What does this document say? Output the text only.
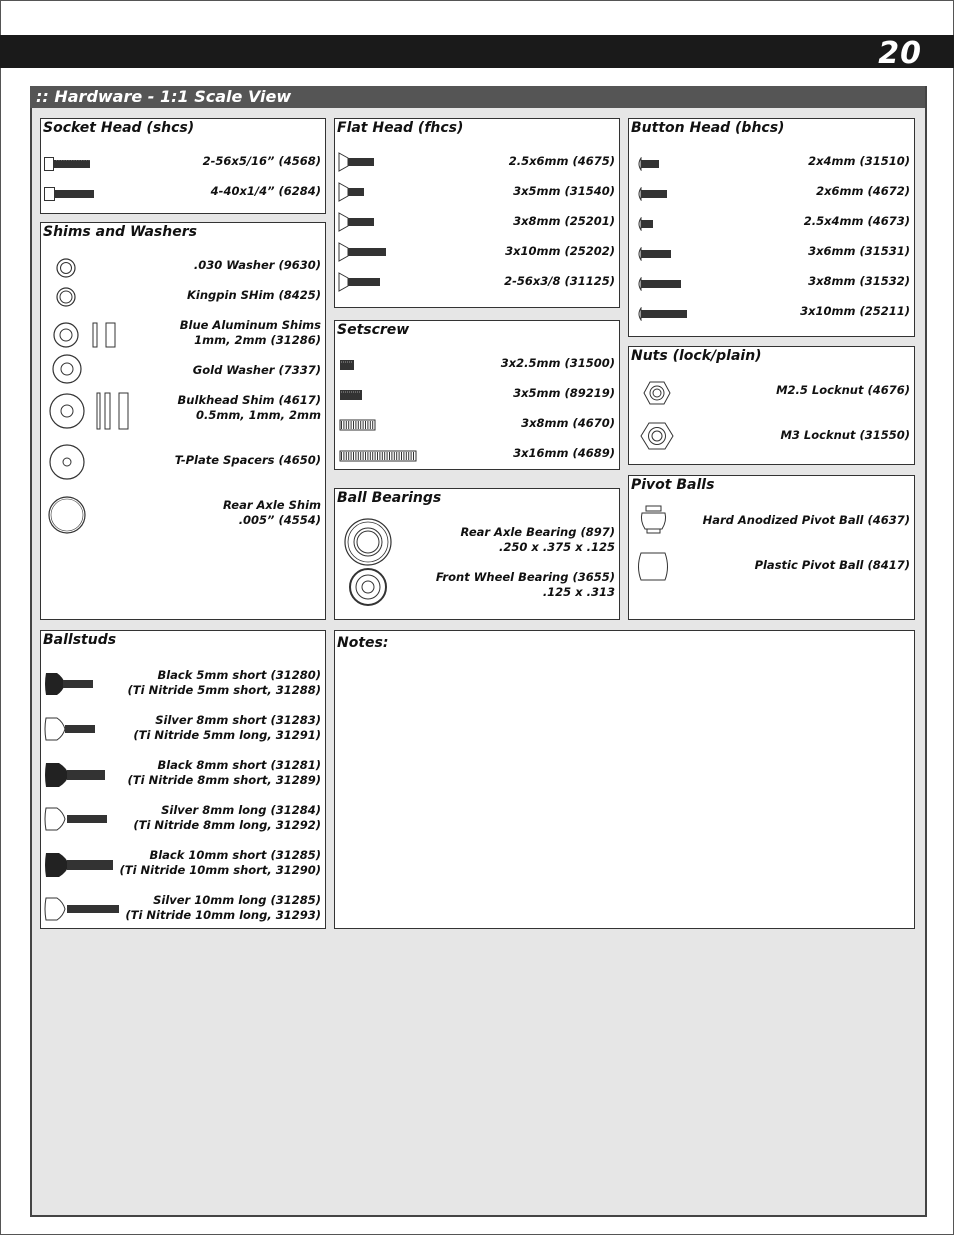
20
:: Hardware - 1:1 Scale View
Socket Head (shcs)
2-56x5/16” (4568)
4-40x1/4” (6284)
Flat Head (fhcs)
2.5x6mm (4675)
3x5mm (31540)
3x8mm (25201)
3x10mm (25202)
2-56x3/8 (31125)
Button Head (bhcs)
2x4mm (31510)
2x6mm (4672)
2.5x4mm (4673)
3x6mm (31531)
3x8mm (31532)
3x10mm (25211)
Shims and Washers
.030 Washer (9630)
Kingpin SHim (8425)
Blue Aluminum Shims
1mm, 2mm (31286)
Gold Washer (7337)
Bulkhead Shim (4617)
0.5mm, 1mm, 2mm
T-Plate Spacers (4650)
Rear Axle Shim
.005” (4554)
Setscrew
3x2.5mm (31500)
3x5mm (89219)
3x8mm (4670)
3x16mm (4689)
Nuts (lock/plain)
M2.5 Locknut (4676)
M3 Locknut (31550)
Ball Bearings
Rear Axle Bearing (897)
.250 x .375 x .125
Front Wheel Bearing (3655)
.125 x .313
Pivot Balls
Hard Anodized Pivot Ball (4637)
Plastic Pivot Ball (8417)
Ballstuds
Black 5mm short (31280)
(Ti Nitride 5mm short, 31288)
Silver 8mm short (31283)
(Ti Nitride 5mm long, 31291)
Black 8mm short (31281)
(Ti Nitride 8mm short, 31289)
Silver 8mm long (31284)
(Ti Nitride 8mm long, 31292)
Black 10mm short (31285)
(Ti Nitride 10mm short, 31290)
Silver 10mm long (31285)
(Ti Nitride 10mm long, 31293)
Notes:
